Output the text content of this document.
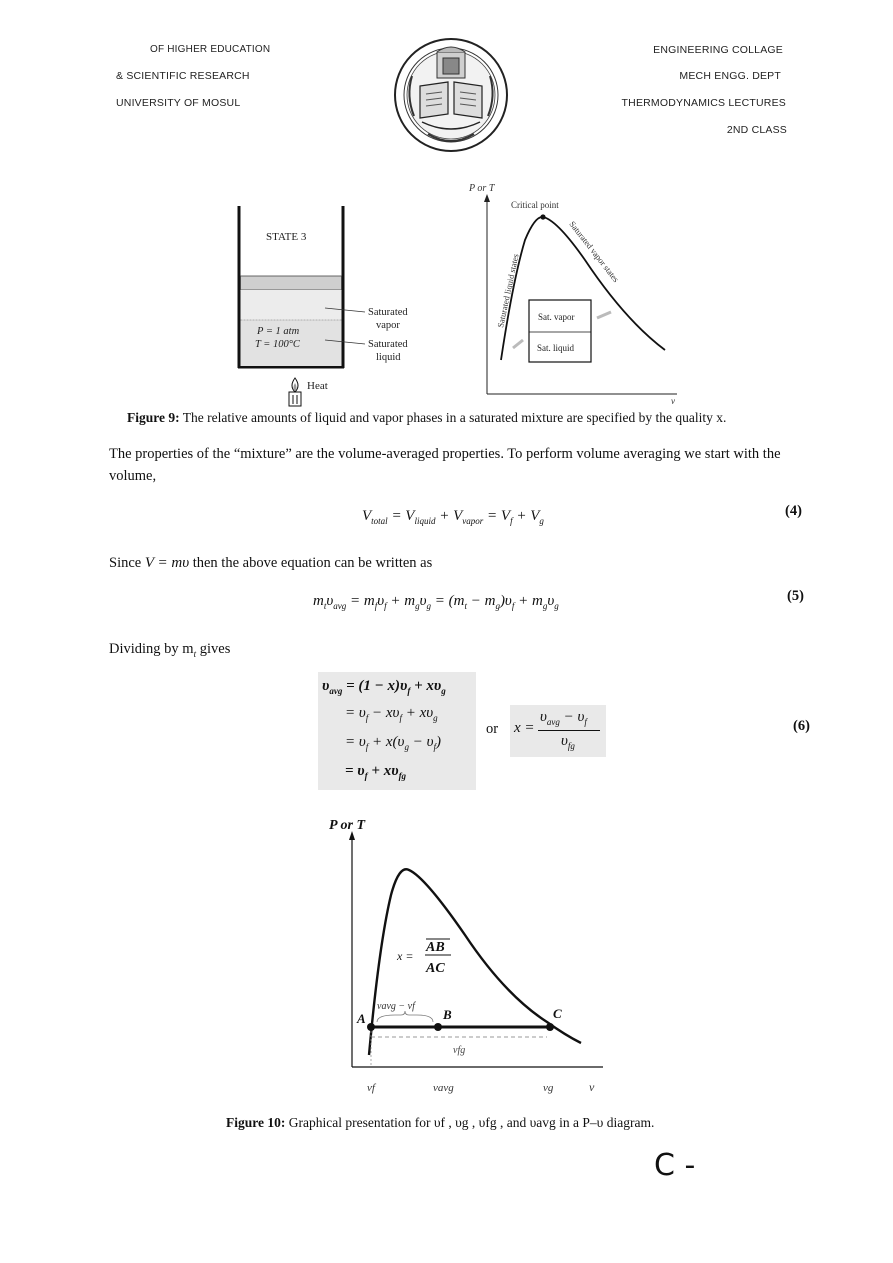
OF HIGHER EDUCATION
& SCIENTIFIC RESEARCH
UNIVERSITY OF MOSUL
ENGINEERING COLLAGE
MECH ENGG. DEPT
THERMODYNAMICS LECTURES
2ND CLASS
STATE 3
P = 1 atm
T = 100°C
Saturated
vapor
Saturated
liquid
Heat
P or T
v
Critical point
Saturated liquid states
Saturated vapor states
Sat. vapor
Sat. liquid
Figure 9: The relative amounts of liquid and vapor phases in a saturated mixture are specified by the quality x.
The properties of the “mixture” are the volume-averaged properties. To perform volume averaging we start with the volume,
$V_{total} = V_{liquid} + V_{vapor} = V_f + V_g$
(4)
Since V = mυ then the above equation can be written as
$m_t\upsilon_{avg} = m_f\upsilon_f + m_g\upsilon_g = (m_t - m_g)\upsilon_f + m_g\upsilon_g$
(5)
Dividing by $m_t$ gives
$\upsilon_{avg} = (1 - x)\upsilon_f + x\upsilon_g$
= $\upsilon_f - x\upsilon_f + x\upsilon_g$
= $\upsilon_f + x(\upsilon_g - \upsilon_f)$
= $\upsilon_f + x\upsilon_{fg}$
or x =
$\upsilon_{avg} - \upsilon_f$
$\upsilon_{fg}$
(6)
P or T
v
x =
AB
AC
vavg − vf
A	B	C
vfg
vf	vavg	vg
Figure 10: Graphical presentation for υf , υg , υfg , and υavg in a P–υ diagram.
C -
